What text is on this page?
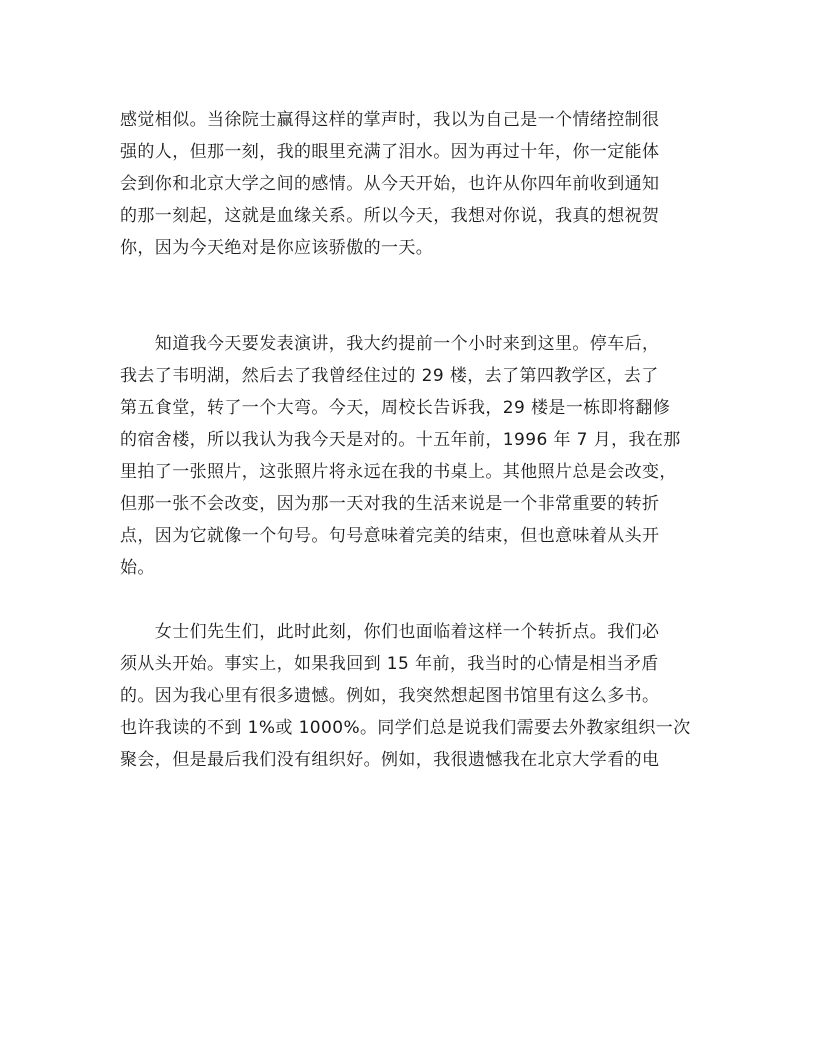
感觉相似。当徐院士赢得这样的掌声时，我以为自己是一个情绪控制很
强的人，但那一刻，我的眼里充满了泪水。因为再过十年，你一定能体
会到你和北京大学之间的感情。从今天开始，也许从你四年前收到通知
的那一刻起，这就是血缘关系。所以今天，我想对你说，我真的想祝贺
你，因为今天绝对是你应该骄傲的一天。
　　知道我今天要发表演讲，我大约提前一个小时来到这里。停车后，
我去了韦明湖，然后去了我曾经住过的 29 楼，去了第四教学区，去了
第五食堂，转了一个大弯。今天，周校长告诉我，29 楼是一栋即将翻修
的宿舍楼，所以我认为我今天是对的。十五年前，1996 年 7 月，我在那
里拍了一张照片，这张照片将永远在我的书桌上。其他照片总是会改变，
但那一张不会改变，因为那一天对我的生活来说是一个非常重要的转折
点，因为它就像一个句号。句号意味着完美的结束，但也意味着从头开
始。
　　女士们先生们，此时此刻，你们也面临着这样一个转折点。我们必
须从头开始。事实上，如果我回到 15 年前，我当时的心情是相当矛盾
的。因为我心里有很多遗憾。例如，我突然想起图书馆里有这么多书。
也许我读的不到 1%或 1000%。同学们总是说我们需要去外教家组织一次
聚会，但是最后我们没有组织好。例如，我很遗憾我在北京大学看的电
